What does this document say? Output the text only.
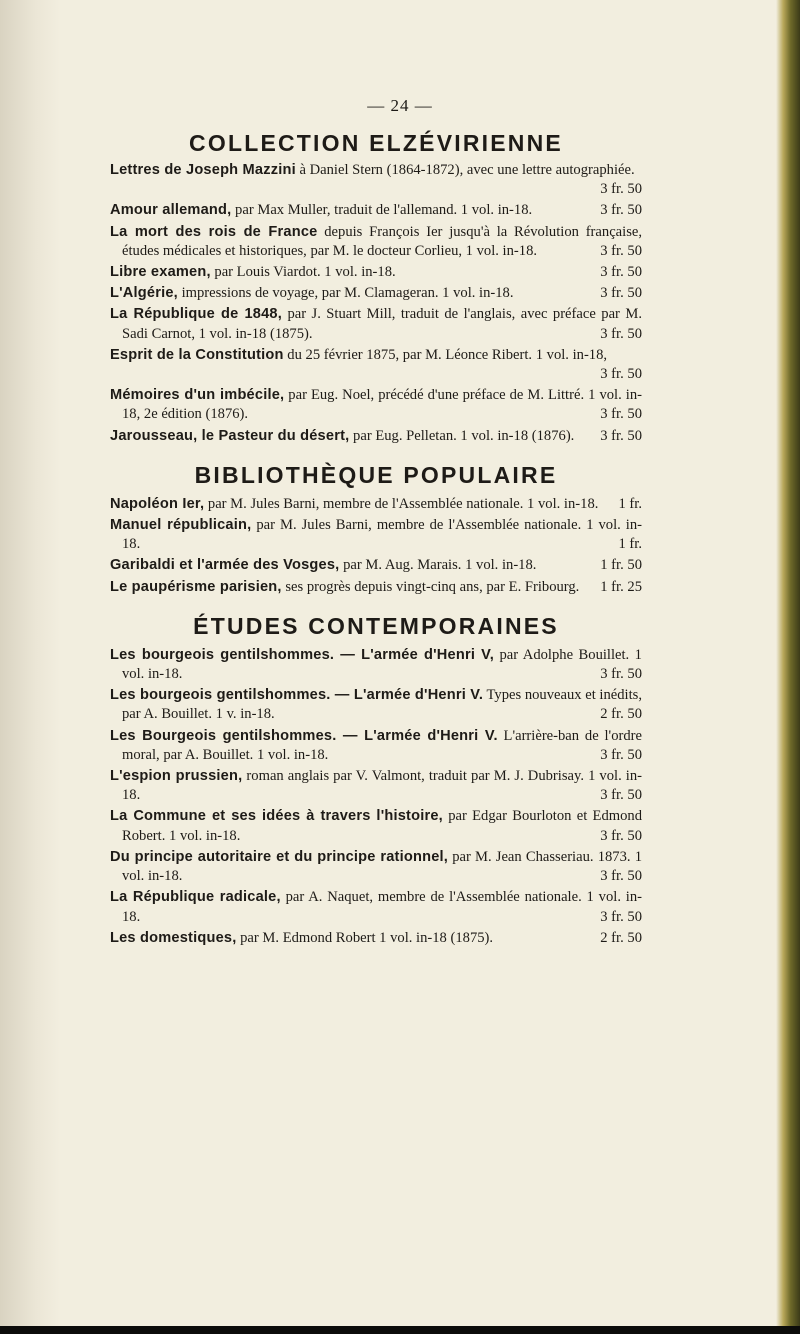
— 24 —
COLLECTION ELZÉVIRIENNE

Lettres de Joseph Mazzini à Daniel Stern (1864-1872), avec une lettre autographiée.
3 fr. 50

Amour allemand, par Max Muller, traduit de l'allemand. 1 vol. in-18.	3 fr. 50

La mort des rois de France depuis François Ier jusqu'à la Révolution française, études médicales et historiques, par M. le docteur Corlieu, 1 vol. in-18.	3 fr. 50

Libre examen, par Louis Viardot. 1 vol. in-18.	3 fr. 50

L'Algérie, impressions de voyage, par M. Clamageran. 1 vol. in-18.	3 fr. 50

La République de 1848, par J. Stuart Mill, traduit de l'anglais, avec préface par M. Sadi Carnot, 1 vol. in-18 (1875).	3 fr. 50

Esprit de la Constitution du 25 février 1875, par M. Léonce Ribert. 1 vol. in-18,
3 fr. 50

Mémoires d'un imbécile, par Eug. Noel, précédé d'une préface de M. Littré. 1 vol. in-18, 2e édition (1876).	3 fr. 50

Jarousseau, le Pasteur du désert, par Eug. Pelletan. 1 vol. in-18 (1876). 3 fr. 50

BIBLIOTHÈQUE POPULAIRE

Napoléon Ier, par M. Jules Barni, membre de l'Assemblée nationale. 1 vol. in-18. 1 fr.

Manuel républicain, par M. Jules Barni, membre de l'Assemblée nationale. 1 vol. in-18.	1 fr.

Garibaldi et l'armée des Vosges, par M. Aug. Marais. 1 vol. in-18.	1 fr. 50

Le paupérisme parisien, ses progrès depuis vingt-cinq ans, par E. Fribourg. 1 fr. 25

ÉTUDES CONTEMPORAINES

Les bourgeois gentilshommes. — L'armée d'Henri V, par Adolphe Bouillet. 1 vol. in-18.	3 fr. 50

Les bourgeois gentilshommes. — L'armée d'Henri V. Types nouveaux et inédits, par A. Bouillet. 1 v. in-18.	2 fr. 50

Les Bourgeois gentilshommes. — L'armée d'Henri V. L'arrière-ban de l'ordre moral, par A. Bouillet. 1 vol. in-18.	3 fr. 50

L'espion prussien, roman anglais par V. Valmont, traduit par M. J. Dubrisay. 1 vol. in-18.	3 fr. 50

La Commune et ses idées à travers l'histoire, par Edgar Bourloton et Edmond Robert. 1 vol. in-18.	3 fr. 50

Du principe autoritaire et du principe rationnel, par M. Jean Chasseriau. 1873. 1 vol. in-18.	3 fr. 50

La République radicale, par A. Naquet, membre de l'Assemblée nationale. 1 vol. in-18.	3 fr. 50

Les domestiques, par M. Edmond Robert 1 vol. in-18 (1875).	2 fr. 50
